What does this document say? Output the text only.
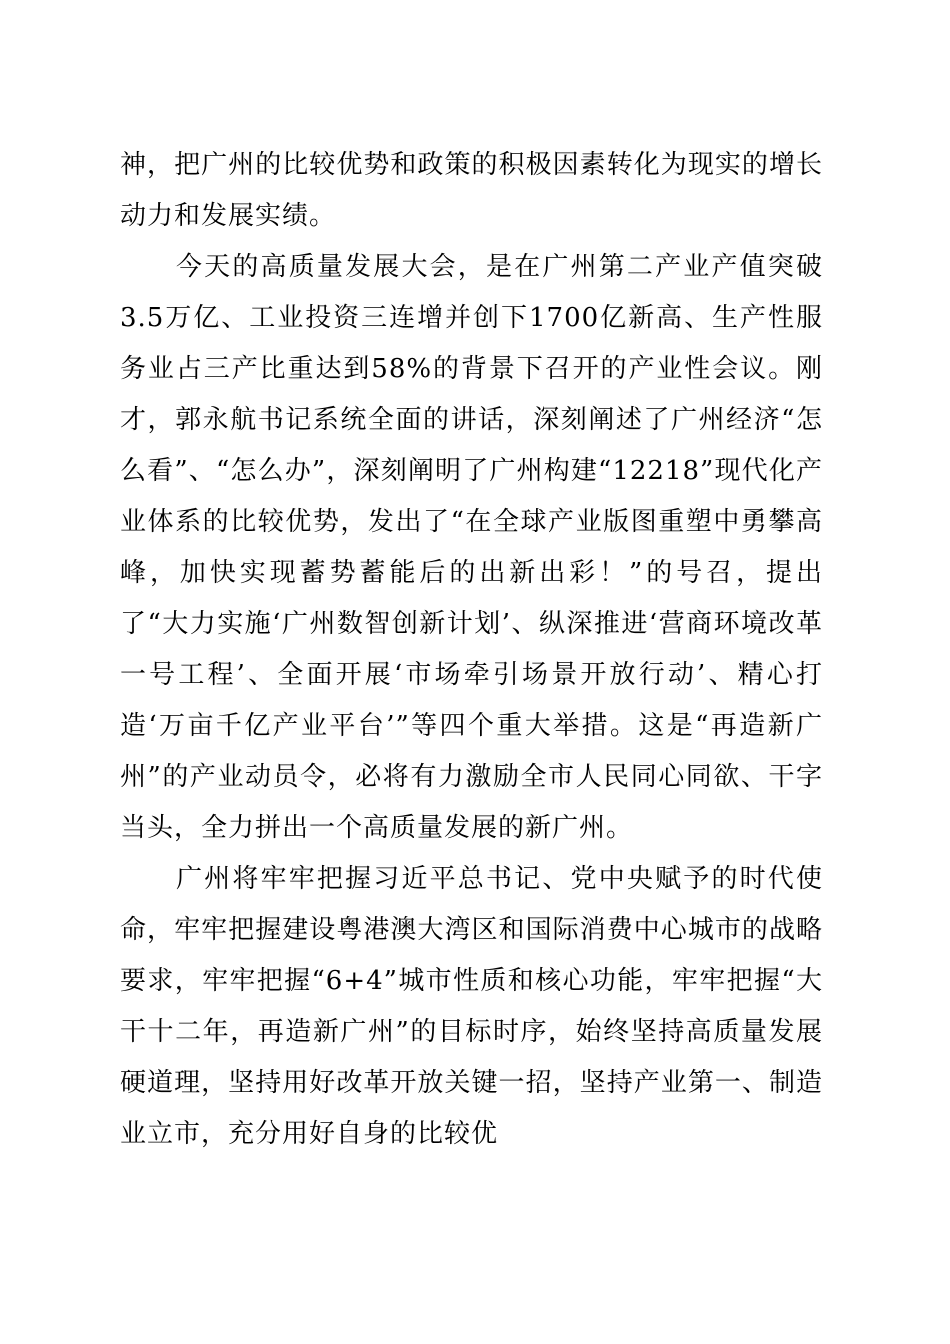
神，把广州的比较优势和政策的积极因素转化为现实的增长动力和发展实绩。

今天的高质量发展大会，是在广州第二产业产值突破3.5万亿、工业投资三连增并创下1700亿新高、生产性服务业占三产比重达到58%的背景下召开的产业性会议。刚才，郭永航书记系统全面的讲话，深刻阐述了广州经济“怎么看”、“怎么办”，深刻阐明了广州构建“12218”现代化产业体系的比较优势，发出了“在全球产业版图重塑中勇攀高峰，加快实现蓄势蓄能后的出新出彩！”的号召，提出了“大力实施‘广州数智创新计划’、纵深推进‘营商环境改革一号工程’、全面开展‘市场牵引场景开放行动’、精心打造‘万亩千亿产业平台’”等四个重大举措。这是“再造新广州”的产业动员令，必将有力激励全市人民同心同欲、干字当头，全力拼出一个高质量发展的新广州。

广州将牢牢把握习近平总书记、党中央赋予的时代使命，牢牢把握建设粤港澳大湾区和国际消费中心城市的战略要求，牢牢把握“6+4”城市性质和核心功能，牢牢把握“大干十二年，再造新广州”的目标时序，始终坚持高质量发展硬道理，坚持用好改革开放关键一招，坚持产业第一、制造业立市，充分用好自身的比较优
